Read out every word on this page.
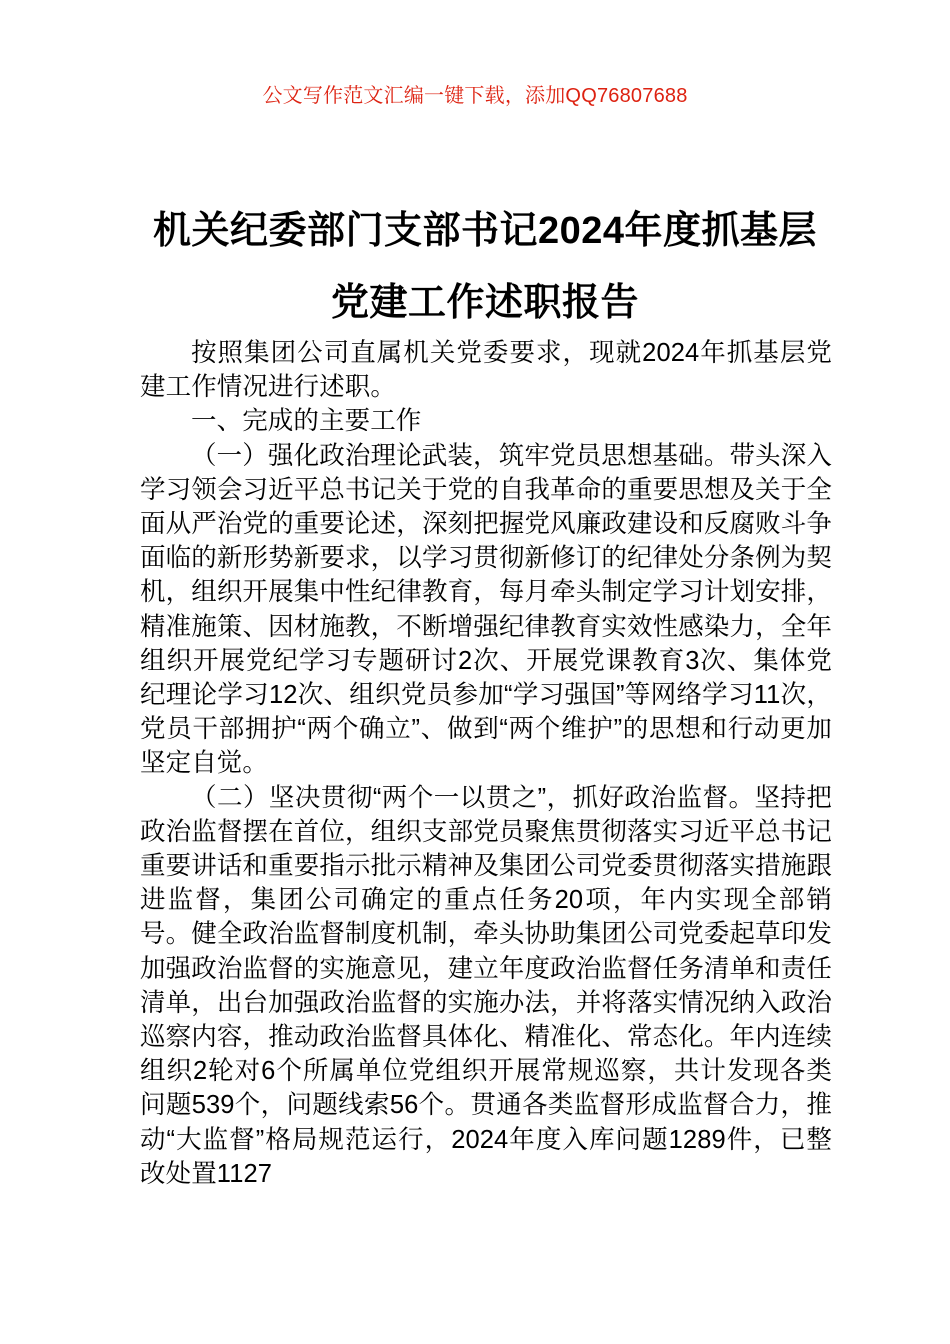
公文写作范文汇编一键下载，添加QQ76807688
机关纪委部门支部书记2024年度抓基层党建工作述职报告

按照集团公司直属机关党委要求，现就2024年抓基层党建工作情况进行述职。

一、完成的主要工作

（一）强化政治理论武装，筑牢党员思想基础。带头深入学习领会习近平总书记关于党的自我革命的重要思想及关于全面从严治党的重要论述，深刻把握党风廉政建设和反腐败斗争面临的新形势新要求，以学习贯彻新修订的纪律处分条例为契机，组织开展集中性纪律教育，每月牵头制定学习计划安排，精准施策、因材施教，不断增强纪律教育实效性感染力，全年组织开展党纪学习专题研讨2次、开展党课教育3次、集体党纪理论学习12次、组织党员参加“学习强国”等网络学习11次，党员干部拥护“两个确立”、做到“两个维护”的思想和行动更加坚定自觉。

（二）坚决贯彻“两个一以贯之”，抓好政治监督。坚持把政治监督摆在首位，组织支部党员聚焦贯彻落实习近平总书记重要讲话和重要指示批示精神及集团公司党委贯彻落实措施跟进监督，集团公司确定的重点任务20项，年内实现全部销号。健全政治监督制度机制，牵头协助集团公司党委起草印发加强政治监督的实施意见，建立年度政治监督任务清单和责任清单，出台加强政治监督的实施办法，并将落实情况纳入政治巡察内容，推动政治监督具体化、精准化、常态化。年内连续组织2轮对6个所属单位党组织开展常规巡察，共计发现各类问题539个，问题线索56个。贯通各类监督形成监督合力，推动“大监督”格局规范运行，2024年度入库问题1289件，已整改处置1127
